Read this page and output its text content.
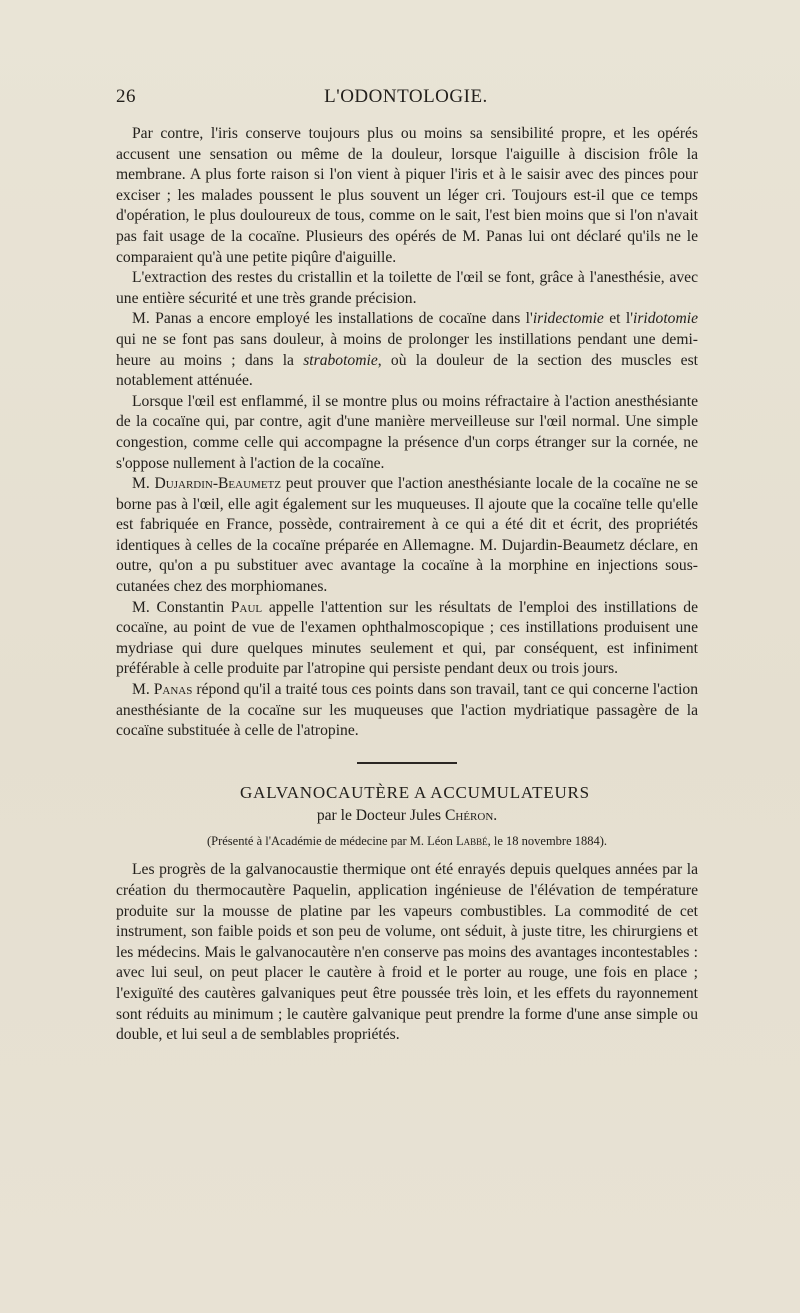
26	L'ODONTOLOGIE.

Par contre, l'iris conserve toujours plus ou moins sa sensibilité propre, et les opérés accusent une sensation ou même de la douleur, lorsque l'aiguille à discision frôle la membrane. A plus forte raison si l'on vient à piquer l'iris et à le saisir avec des pinces pour exciser ; les malades poussent le plus souvent un léger cri. Toujours est-il que ce temps d'opération, le plus douloureux de tous, comme on le sait, l'est bien moins que si l'on n'avait pas fait usage de la cocaïne. Plusieurs des opérés de M. Panas lui ont déclaré qu'ils ne le comparaient qu'à une petite piqûre d'aiguille.

L'extraction des restes du cristallin et la toilette de l'œil se font, grâce à l'anesthésie, avec une entière sécurité et une très grande précision.

M. Panas a encore employé les installations de cocaïne dans l'iridectomie et l'iridotomie qui ne se font pas sans douleur, à moins de prolonger les instillations pendant une demi-heure au moins ; dans la strabotomie, où la douleur de la section des muscles est notablement atténuée.

Lorsque l'œil est enflammé, il se montre plus ou moins réfractaire à l'action anesthésiante de la cocaïne qui, par contre, agit d'une manière merveilleuse sur l'œil normal. Une simple congestion, comme celle qui accompagne la présence d'un corps étranger sur la cornée, ne s'oppose nullement à l'action de la cocaïne.

M. Dujardin-Beaumetz peut prouver que l'action anesthésiante locale de la cocaïne ne se borne pas à l'œil, elle agit également sur les muqueuses. Il ajoute que la cocaïne telle qu'elle est fabriquée en France, possède, contrairement à ce qui a été dit et écrit, des propriétés identiques à celles de la cocaïne préparée en Allemagne. M. Dujardin-Beaumetz déclare, en outre, qu'on a pu substituer avec avantage la cocaïne à la morphine en injections sous-cutanées chez des morphiomanes.

M. Constantin Paul appelle l'attention sur les résultats de l'emploi des instillations de cocaïne, au point de vue de l'examen ophthalmoscopique ; ces instillations produisent une mydriase qui dure quelques minutes seulement et qui, par conséquent, est infiniment préférable à celle produite par l'atropine qui persiste pendant deux ou trois jours.

M. Panas répond qu'il a traité tous ces points dans son travail, tant ce qui concerne l'action anesthésiante de la cocaïne sur les muqueuses que l'action mydriatique passagère de la cocaïne substituée à celle de l'atropine.

GALVANOCAUTÈRE A ACCUMULATEURS

par le Docteur Jules Chéron.
(Présenté à l'Académie de médecine par M. Léon Labbé, le 18 novembre 1884).

Les progrès de la galvanocaustie thermique ont été enrayés depuis quelques années par la création du thermocautère Paquelin, application ingénieuse de l'élévation de température produite sur la mousse de platine par les vapeurs combustibles. La commodité de cet instrument, son faible poids et son peu de volume, ont séduit, à juste titre, les chirurgiens et les médecins. Mais le galvanocautère n'en conserve pas moins des avantages incontestables : avec lui seul, on peut placer le cautère à froid et le porter au rouge, une fois en place ; l'exiguïté des cautères galvaniques peut être poussée très loin, et les effets du rayonnement sont réduits au minimum ; le cautère galvanique peut prendre la forme d'une anse simple ou double, et lui seul a de semblables propriétés.
